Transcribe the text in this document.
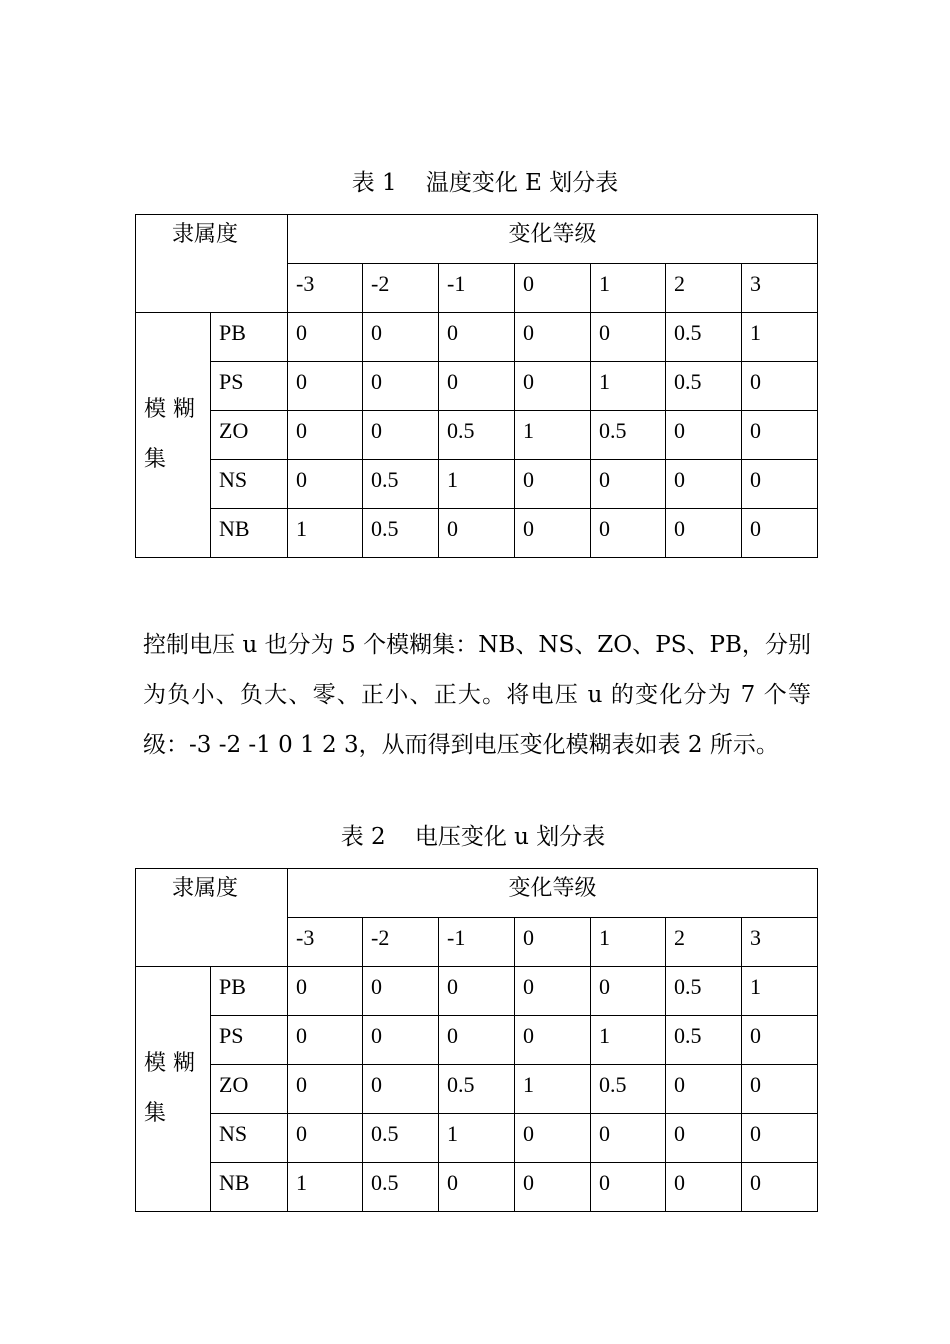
表 1    温度变化 E 划分表
隶属度		变化等级						
		-3	-2	-1	0	1	2	3
模 糊 集	PB	0	0	0	0	0	0.5	1
	PS	0	0	0	0	1	0.5	0
	ZO	0	0	0.5	1	0.5	0	0
	NS	0	0.5	1	0	0	0	0
	NB	1	0.5	0	0	0	0	0
控制电压 u 也分为 5 个模糊集：NB、NS、ZO、PS、PB，分别为负小、负大、零、正小、正大。将电压 u 的变化分为 7 个等级：-3 -2 -1 0 1 2 3，从而得到电压变化模糊表如表 2 所示。
表 2    电压变化 u 划分表
隶属度		变化等级						
		-3	-2	-1	0	1	2	3
模 糊 集	PB	0	0	0	0	0	0.5	1
	PS	0	0	0	0	1	0.5	0
	ZO	0	0	0.5	1	0.5	0	0
	NS	0	0.5	1	0	0	0	0
	NB	1	0.5	0	0	0	0	0
